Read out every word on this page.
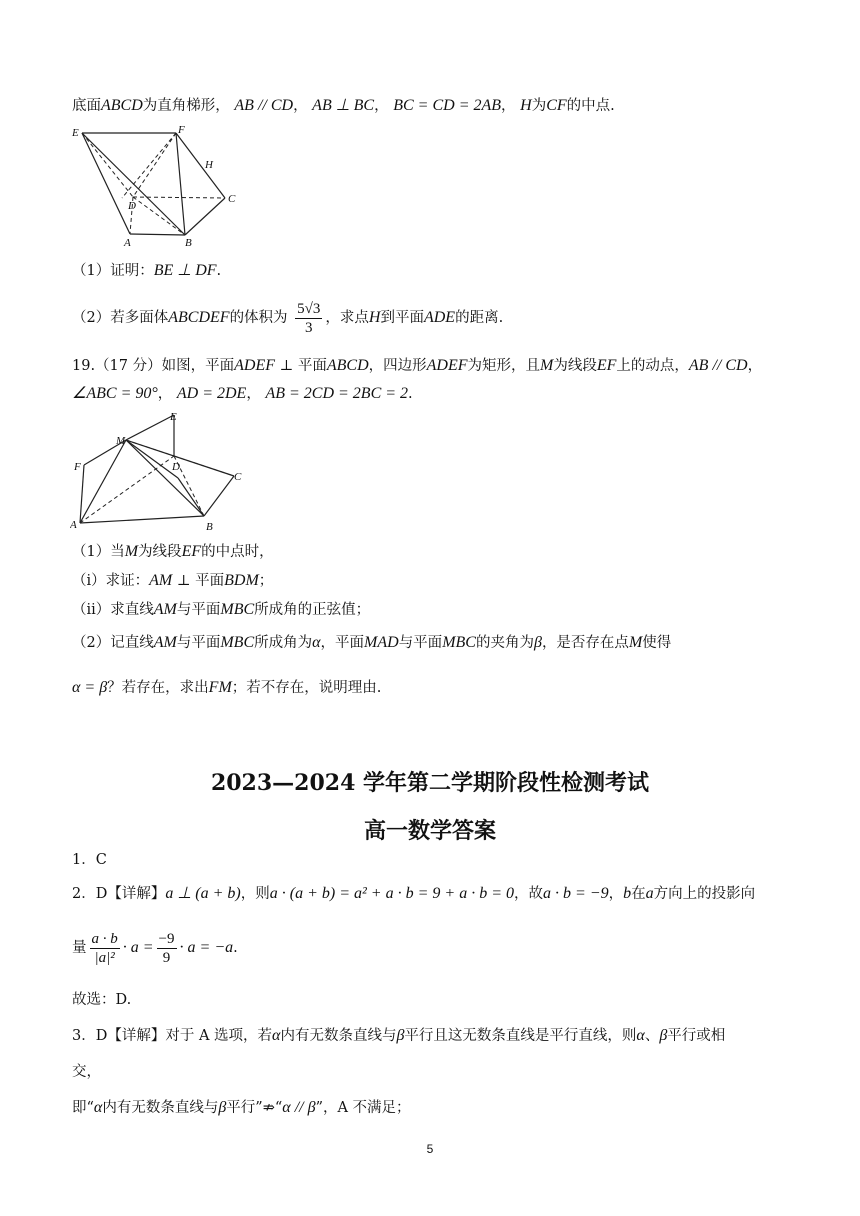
底面ABCD为直角梯形， AB // CD， AB ⊥ BC， BC = CD = 2AB， H为CF的中点.
E	F
H
C
D
A	B
（1）证明：BE ⊥ DF.
（2）若多面体ABCDEF的体积为 $\frac{5√3}{3}$ ，求点H到平面ADE的距离.
19.（17 分）如图，平面ADEF ⊥ 平面ABCD，四边形ADEF为矩形，且M为线段EF上的动点，AB // CD，
∠ABC = 90°， AD = 2DE， AB = 2CD = 2BC = 2.
E
M
F	D
C
A	B
（1）当M为线段EF的中点时，
（i）求证：AM ⊥ 平面BDM；
（ii）求直线AM与平面MBC所成角的正弦值；
（2）记直线AM与平面MBC所成角为α，平面MAD与平面MBC的夹角为β，是否存在点M使得
α = β？若存在，求出FM；若不存在，说明理由.
2023—2024 学年第二学期阶段性检测考试
高一数学答案
1．C
2．D【详解】a ⊥ (a + b)，则a · (a + b) = a² + a · b = 9 + a · b = 0，故a · b = −9，b在a方向上的投影向
量 $\frac{a \cdot b}{\text{|a|²}} \cdot a = \frac{-9}{9} \cdot a = -a$.
故选：D.
3．D【详解】对于 A 选项，若α内有无数条直线与β平行且这无数条直线是平行直线，则α、β平行或相
交，
即“α内有无数条直线与β平行”⇏“α // β”，A 不满足；
5
